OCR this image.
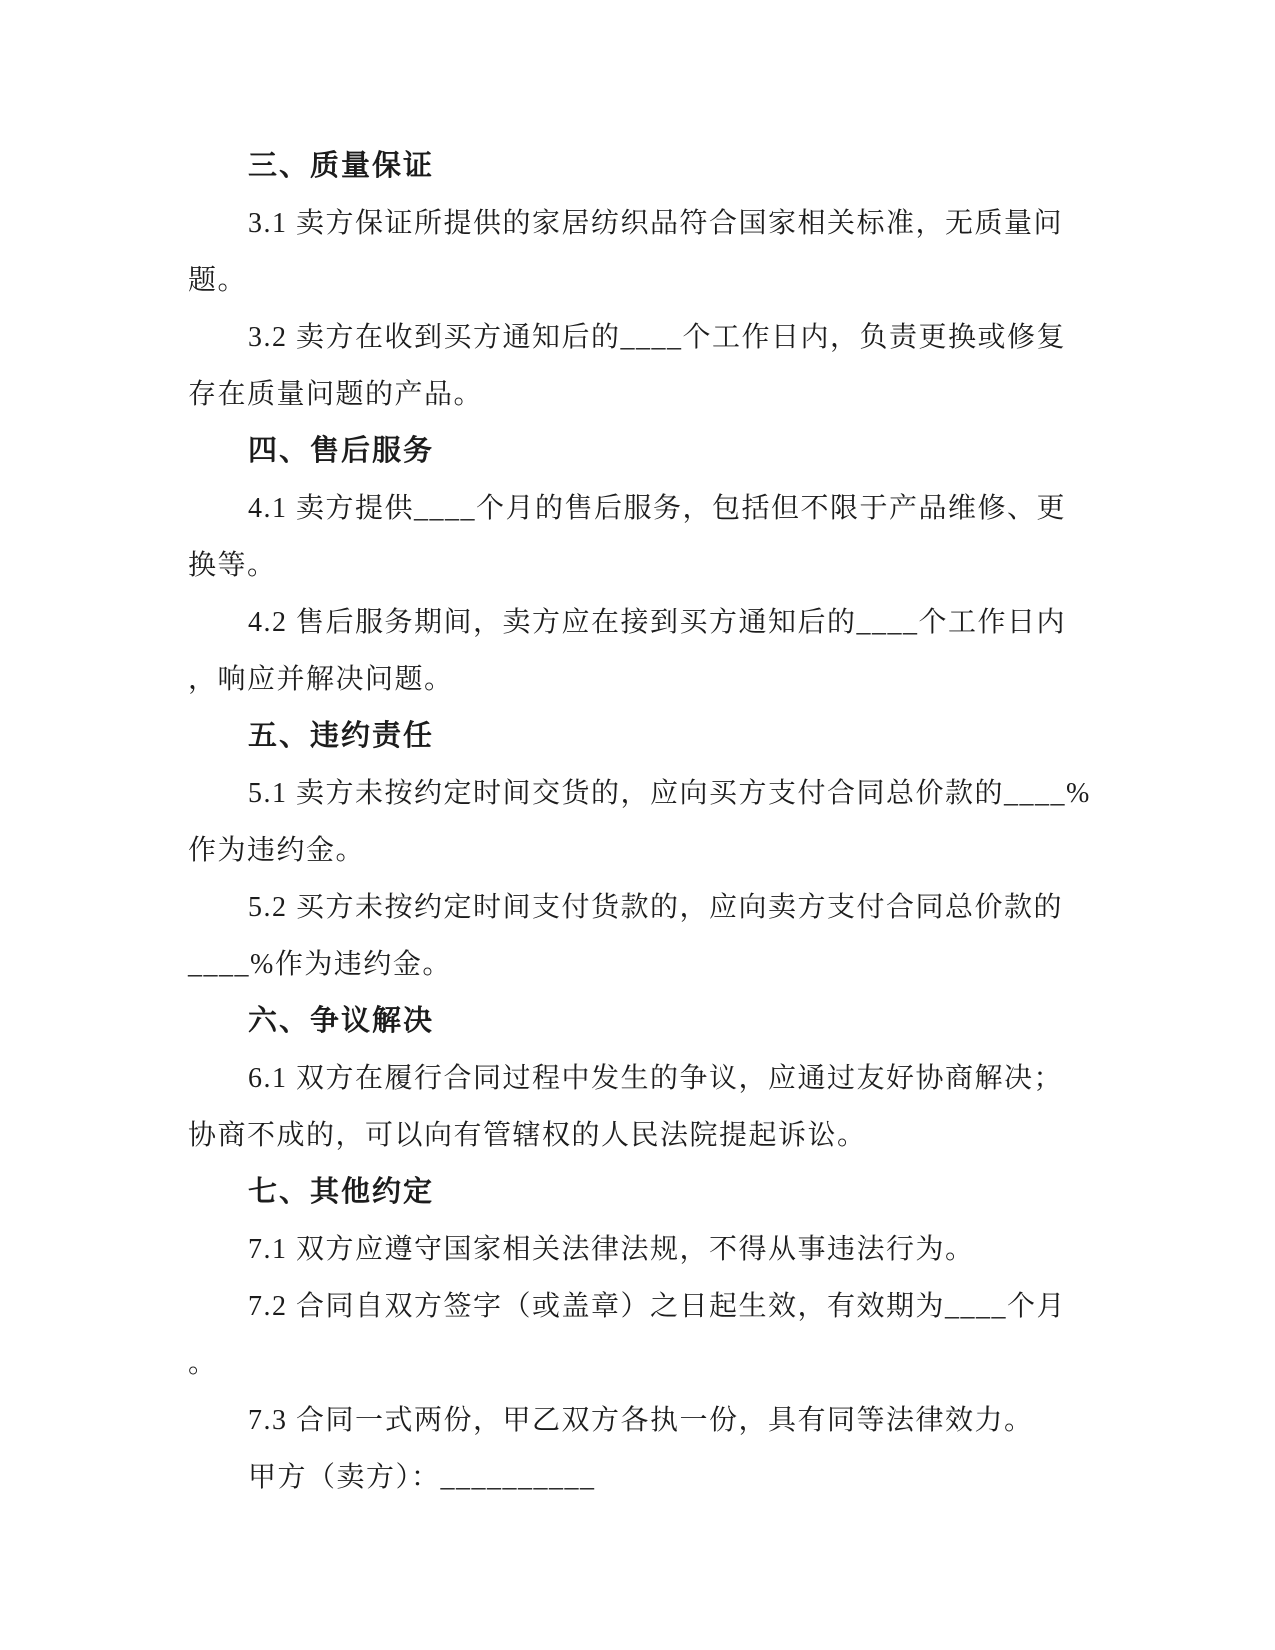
三、质量保证
3.1 卖方保证所提供的家居纺织品符合国家相关标准，无质量问
题。
3.2 卖方在收到买方通知后的____个工作日内，负责更换或修复
存在质量问题的产品。
四、售后服务
4.1 卖方提供____个月的售后服务，包括但不限于产品维修、更
换等。
4.2 售后服务期间，卖方应在接到买方通知后的____个工作日内
，响应并解决问题。
五、违约责任
5.1 卖方未按约定时间交货的，应向买方支付合同总价款的____%
作为违约金。
5.2 买方未按约定时间支付货款的，应向卖方支付合同总价款的
____%作为违约金。
六、争议解决
6.1 双方在履行合同过程中发生的争议，应通过友好协商解决；
协商不成的，可以向有管辖权的人民法院提起诉讼。
七、其他约定
7.1 双方应遵守国家相关法律法规，不得从事违法行为。
7.2 合同自双方签字（或盖章）之日起生效，有效期为____个月
。
7.3 合同一式两份，甲乙双方各执一份，具有同等法律效力。
甲方（卖方）：__________
